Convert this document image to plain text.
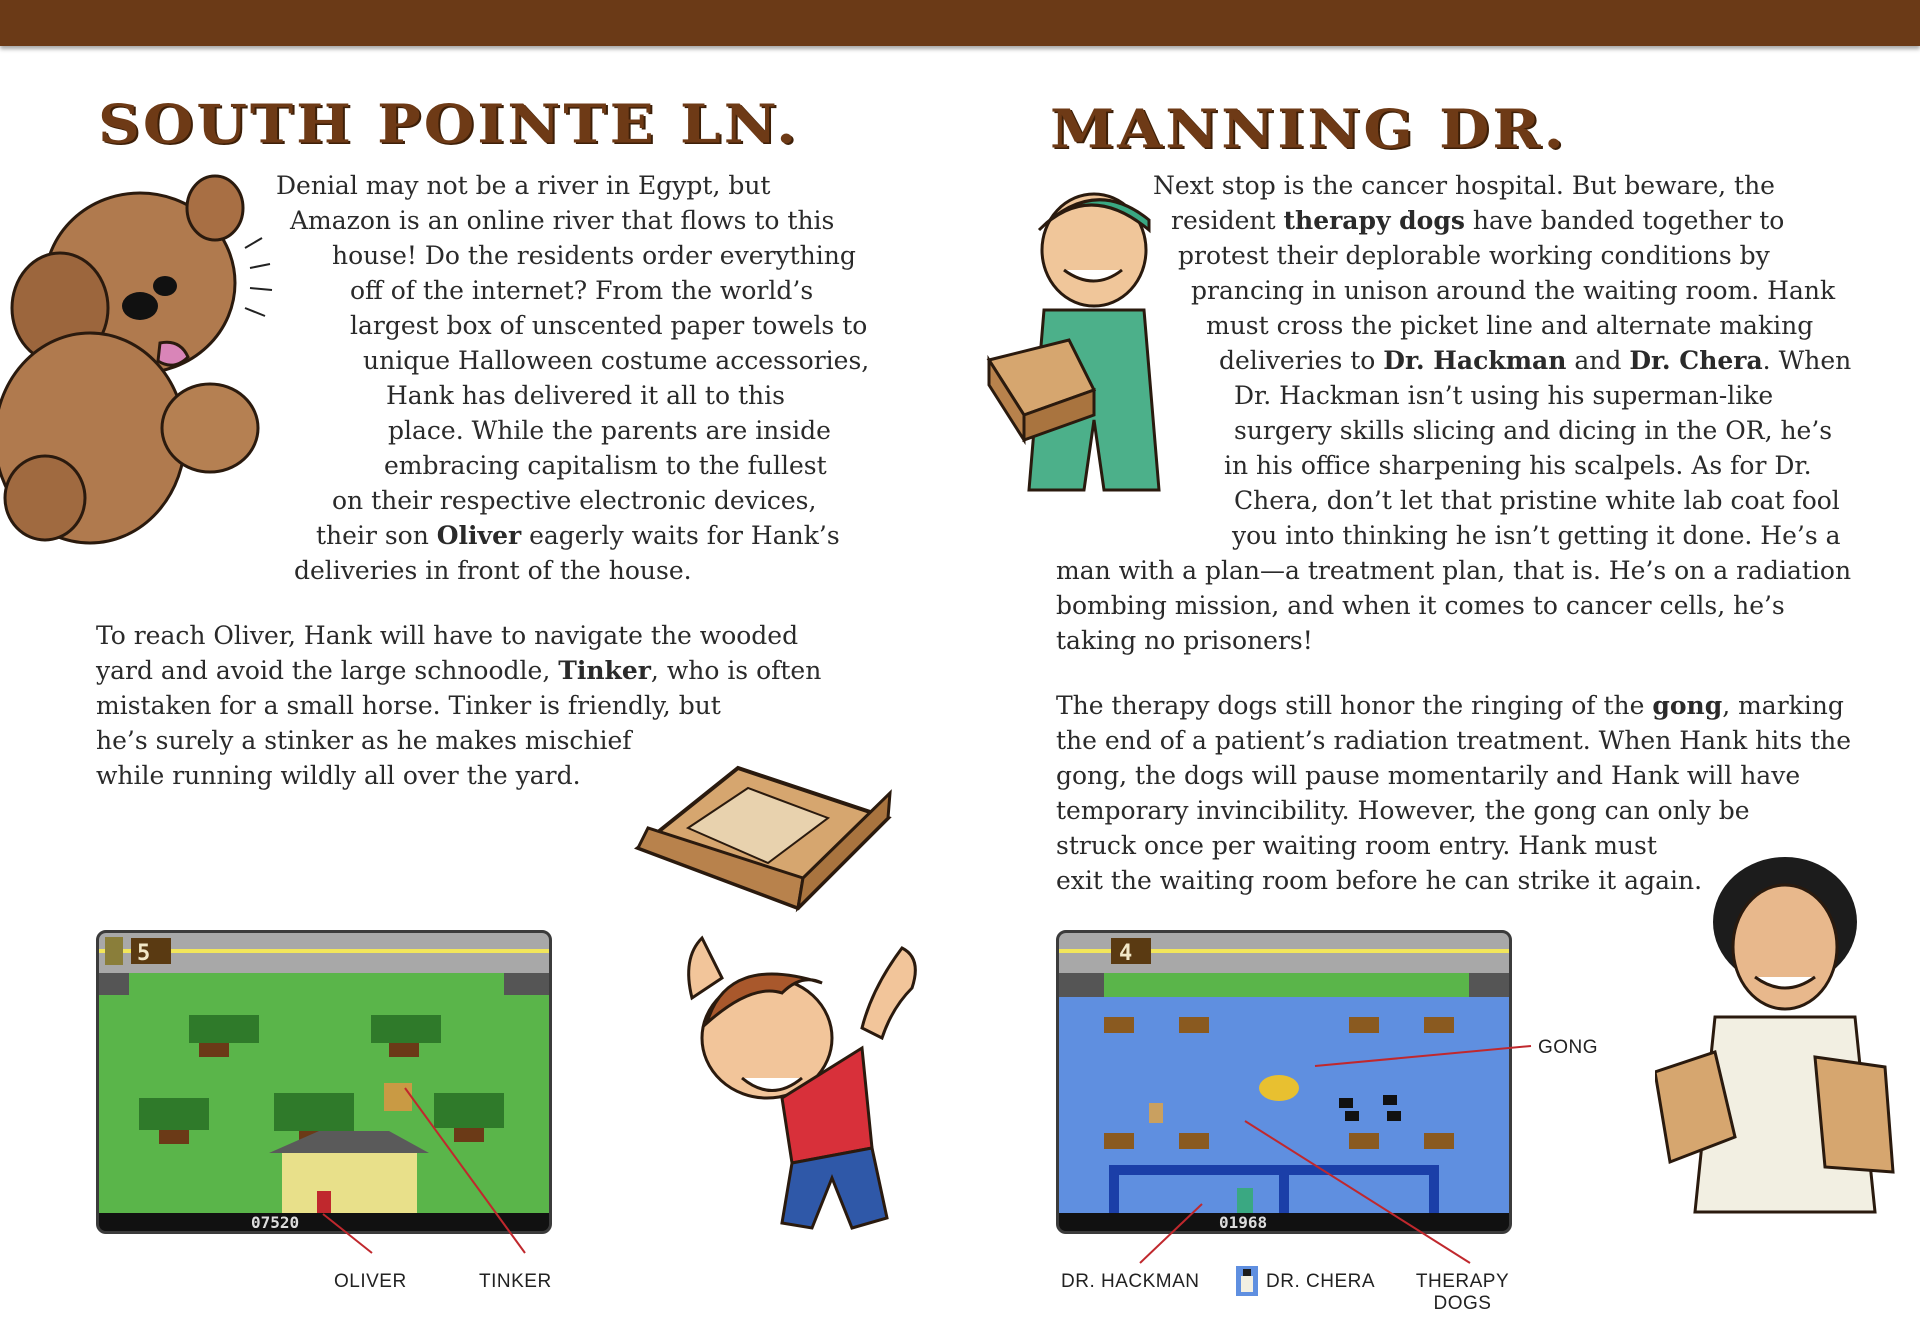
SOUTH POINTE LN.
Denial may not be a river in Egypt, but
Amazon is an online river that flows to this
house! Do the residents order everything
off of the internet? From the world’s
largest box of unscented paper towels to
unique Halloween costume accessories,
Hank has delivered it all to this
place. While the parents are inside
embracing capitalism to the fullest
on their respective electronic devices,
their son Oliver eagerly waits for Hank’s
deliveries in front of the house.
To reach Oliver, Hank will have to navigate the wooded
yard and avoid the large schnoodle, Tinker, who is often
mistaken for a small horse. Tinker is friendly, but
he’s surely a stinker as he makes mischief
while running wildly all over the yard.
5
07520
OLIVER	TINKER
MANNING DR.
Next stop is the cancer hospital. But beware, the
resident therapy dogs have banded together to
protest their deplorable working conditions by
prancing in unison around the waiting room. Hank
must cross the picket line and alternate making
deliveries to Dr. Hackman and Dr. Chera. When
Dr. Hackman isn’t using his superman-like
surgery skills slicing and dicing in the OR, he’s
in his office sharpening his scalpels. As for Dr.
Chera, don’t let that pristine white lab coat fool
you into thinking he isn’t getting it done. He’s a
man with a plan—a treatment plan, that is. He’s on a radiation
bombing mission, and when it comes to cancer cells, he’s
taking no prisoners!
The therapy dogs still honor the ringing of the gong, marking
the end of a patient’s radiation treatment. When Hank hits the
gong, the dogs will pause momentarily and Hank will have
temporary invincibility. However, the gong can only be
struck once per waiting room entry. Hank must
exit the waiting room before he can strike it again.
4
01968
GONG
DR. HACKMAN	DR. CHERA	THERAPY
DOGS
